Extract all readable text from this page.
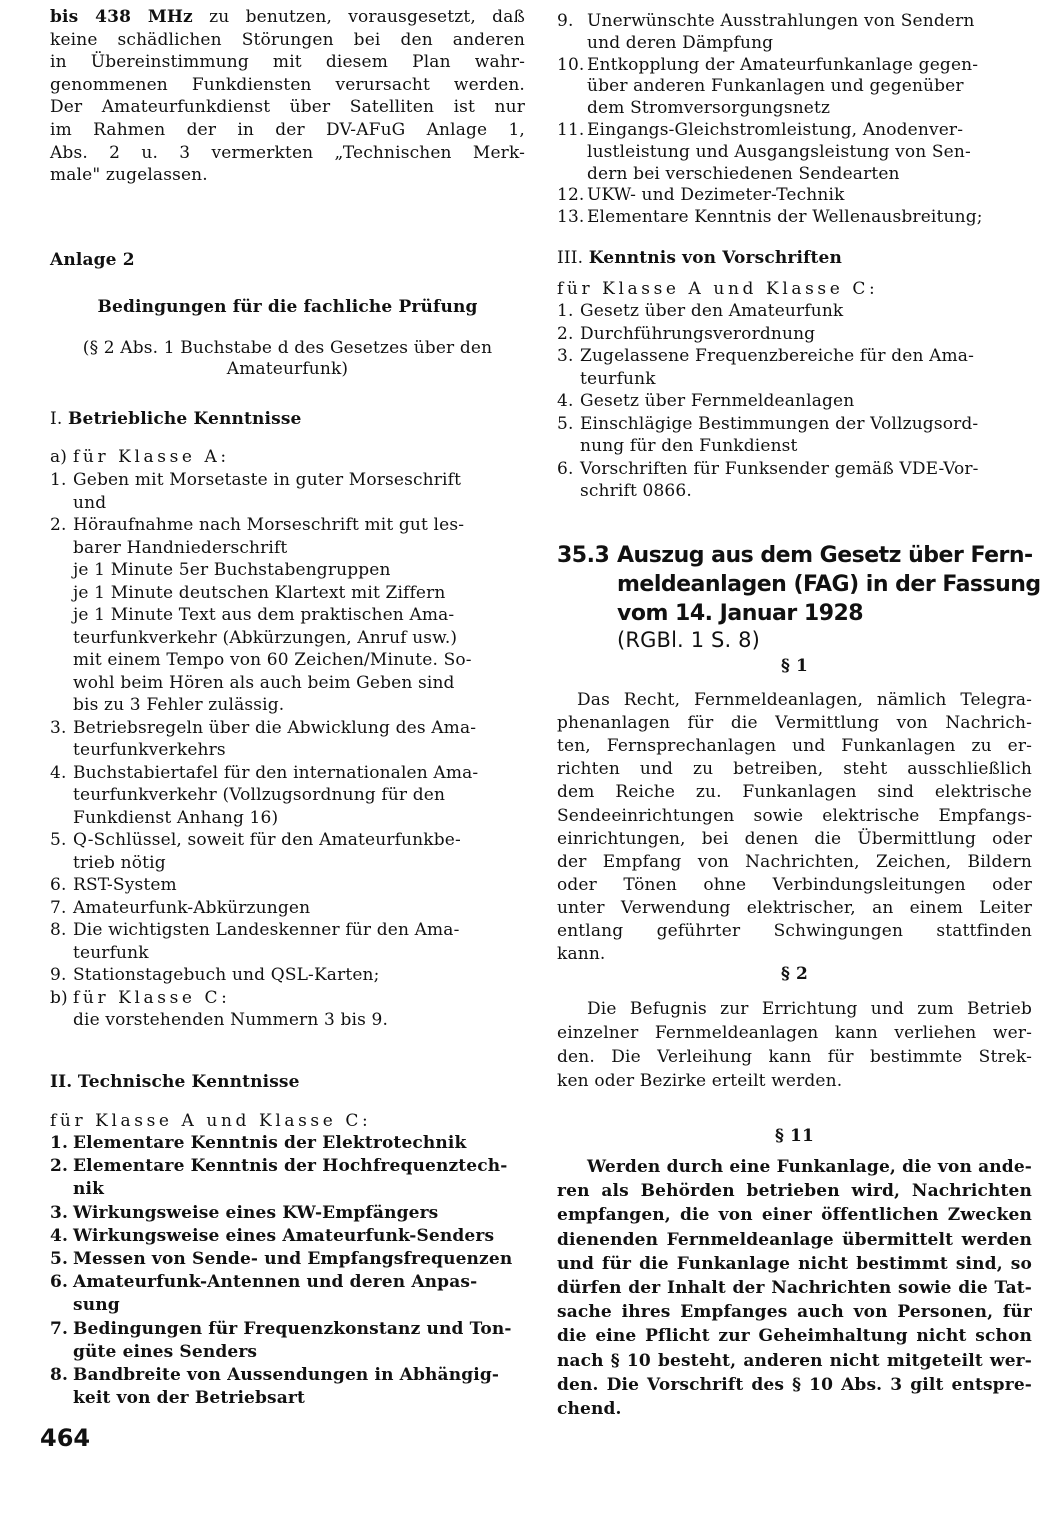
bis 438 MHz zu benutzen, vorausgesetzt, daß
keine schädlichen Störungen bei den anderen
in Übereinstimmung mit diesem Plan wahr-
genommenen Funkdiensten verursacht werden.
Der Amateurfunkdienst über Satelliten ist nur
im Rahmen der in der DV-AFuG Anlage 1,
Abs. 2 u. 3 vermerkten „Technischen Merk-
male" zugelassen.
Anlage 2
Bedingungen für die fachliche Prüfung
(§ 2 Abs. 1 Buchstabe d des Gesetzes über den
Amateurfunk)
I. Betriebliche Kenntnisse
a) für Klasse A:
1. Geben mit Morsetaste in guter Morseschrift
und
2. Höraufnahme nach Morseschrift mit gut les-
barer Handniederschrift
je 1 Minute 5er Buchstabengruppen
je 1 Minute deutschen Klartext mit Ziffern
je 1 Minute Text aus dem praktischen Ama-
teurfunkverkehr (Abkürzungen, Anruf usw.)
mit einem Tempo von 60 Zeichen/Minute. So-
wohl beim Hören als auch beim Geben sind
bis zu 3 Fehler zulässig.
3. Betriebsregeln über die Abwicklung des Ama-
teurfunkverkehrs
4. Buchstabiertafel für den internationalen Ama-
teurfunkverkehr (Vollzugsordnung für den
Funkdienst Anhang 16)
5. Q-Schlüssel, soweit für den Amateurfunkbe-
trieb nötig
6. RST-System
7. Amateurfunk-Abkürzungen
8. Die wichtigsten Landeskenner für den Ama-
teurfunk
9. Stationstagebuch und QSL-Karten;
b) für Klasse C:
die vorstehenden Nummern 3 bis 9.
II. Technische Kenntnisse
für Klasse A und Klasse C:
1. Elementare Kenntnis der Elektrotechnik
2. Elementare Kenntnis der Hochfrequenztech-
nik
3. Wirkungsweise eines KW-Empfängers
4. Wirkungsweise eines Amateurfunk-Senders
5. Messen von Sende- und Empfangsfrequenzen
6. Amateurfunk-Antennen und deren Anpas-
sung
7. Bedingungen für Frequenzkonstanz und Ton-
güte eines Senders
8. Bandbreite von Aussendungen in Abhängig-
keit von der Betriebsart
9. Unerwünschte Ausstrahlungen von Sendern
und deren Dämpfung
10. Entkopplung der Amateurfunkanlage gegen-
über anderen Funkanlagen und gegenüber
dem Stromversorgungsnetz
11. Eingangs-Gleichstromleistung, Anodenver-
lustleistung und Ausgangsleistung von Sen-
dern bei verschiedenen Sendearten
12. UKW- und Dezimeter-Technik
13. Elementare Kenntnis der Wellenausbreitung;
III. Kenntnis von Vorschriften
für Klasse A und Klasse C:
1. Gesetz über den Amateurfunk
2. Durchführungsverordnung
3. Zugelassene Frequenzbereiche für den Ama-
teurfunk
4. Gesetz über Fernmeldeanlagen
5. Einschlägige Bestimmungen der Vollzugsord-
nung für den Funkdienst
6. Vorschriften für Funksender gemäß VDE-Vor-
schrift 0866.
35.3 Auszug aus dem Gesetz über Fern-
meldeanlagen (FAG) in der Fassung
vom 14. Januar 1928
(RGBl. 1 S. 8)
§ 1
Das Recht, Fernmeldeanlagen, nämlich Telegra-
phenanlagen für die Vermittlung von Nachrich-
ten, Fernsprechanlagen und Funkanlagen zu er-
richten und zu betreiben, steht ausschließlich
dem Reiche zu. Funkanlagen sind elektrische
Sendeeinrichtungen sowie elektrische Empfangs-
einrichtungen, bei denen die Übermittlung oder
der Empfang von Nachrichten, Zeichen, Bildern
oder Tönen ohne Verbindungsleitungen oder
unter Verwendung elektrischer, an einem Leiter
entlang geführter Schwingungen stattfinden
kann.
§ 2
Die Befugnis zur Errichtung und zum Betrieb
einzelner Fernmeldeanlagen kann verliehen wer-
den. Die Verleihung kann für bestimmte Strek-
ken oder Bezirke erteilt werden.
§ 11
Werden durch eine Funkanlage, die von ande-
ren als Behörden betrieben wird, Nachrichten
empfangen, die von einer öffentlichen Zwecken
dienenden Fernmeldeanlage übermittelt werden
und für die Funkanlage nicht bestimmt sind, so
dürfen der Inhalt der Nachrichten sowie die Tat-
sache ihres Empfanges auch von Personen, für
die eine Pflicht zur Geheimhaltung nicht schon
nach § 10 besteht, anderen nicht mitgeteilt wer-
den. Die Vorschrift des § 10 Abs. 3 gilt entspre-
chend.
464
